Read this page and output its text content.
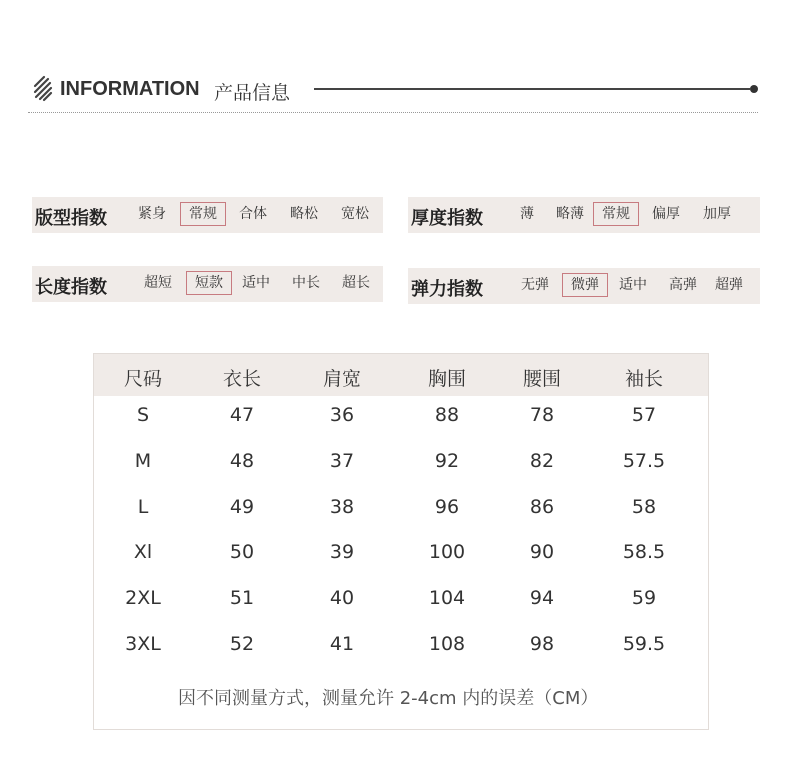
INFORMATION 产品信息
版型指数	紧身	常规	合体	略松	宽松	厚度指数	薄	略薄	常规	偏厚	加厚
长度指数	超短	短款	适中	中长	超长	弹力指数	无弹	微弹	适中	高弹	超弹
尺码	衣长	肩宽	胸围	腰围	袖长
S	47	36	88	78	57
M	48	37	92	82	57.5
L	49	38	96	86	58
Xl	50	39	100	90	58.5
2XL	51	40	104	94	59
3XL	52	41	108	98	59.5
因不同测量方式，测量允许 2-4cm 内的误差（CM）
